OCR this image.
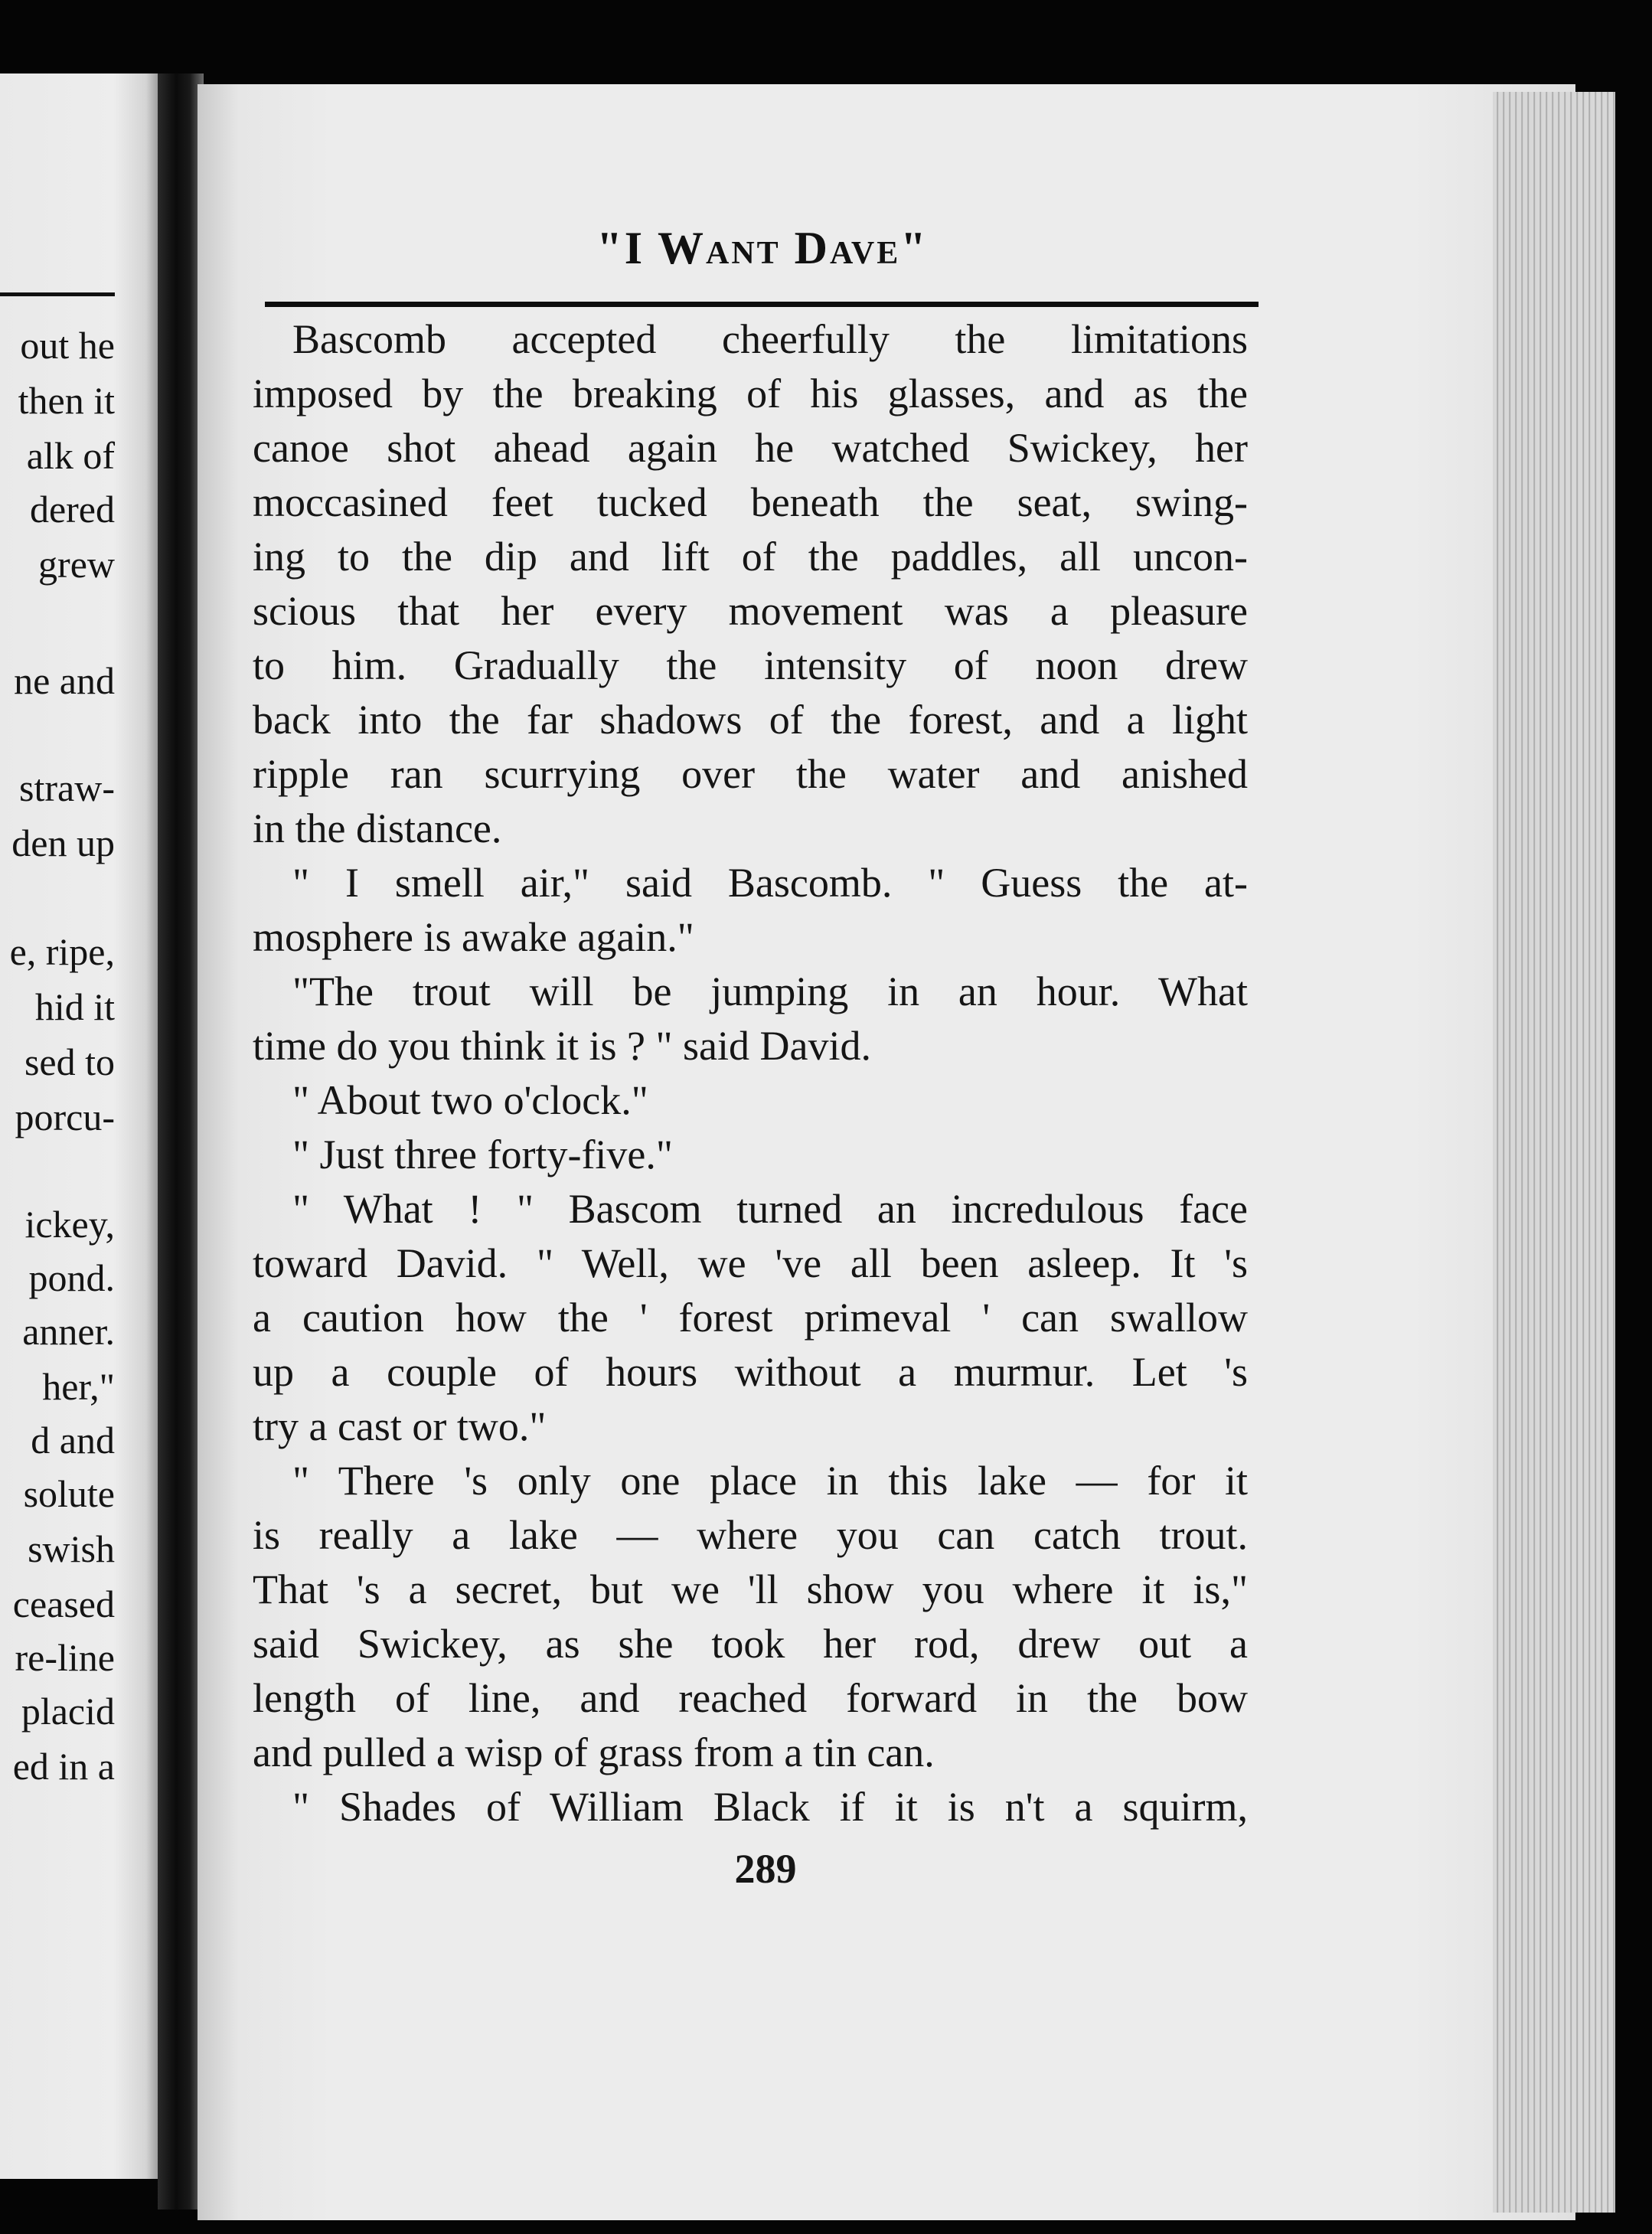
out he
then it
alk of
dered
grew
ne and
straw-
den up
e, ripe,
hid it
sed to
porcu-
ickey,
pond.
anner.
her,"
d and
solute
swish
ceased
re-line
placid
ed in a
"I Want Dave"
Bascomb accepted cheerfully the limitations
imposed by the breaking of his glasses, and as the
canoe shot ahead again he watched Swickey, her
moccasined feet tucked beneath the seat, swing-
ing to the dip and lift of the paddles, all uncon-
scious that her every movement was a pleasure
to him. Gradually the intensity of noon drew
back into the far shadows of the forest, and a light
ripple ran scurrying over the water and anished
in the distance.
" I smell air," said Bascomb. " Guess the at-
mosphere is awake again."
"The trout will be jumping in an hour. What
time do you think it is ? " said David.
" About two o'clock."
" Just three forty-five."
" What ! " Bascom turned an incredulous face
toward David. " Well, we 've all been asleep. It 's
a caution how the ' forest primeval ' can swallow
up a couple of hours without a murmur. Let 's
try a cast or two."
" There 's only one place in this lake — for it
is really a lake — where you can catch trout.
That 's a secret, but we 'll show you where it is,"
said Swickey, as she took her rod, drew out a
length of line, and reached forward in the bow
and pulled a wisp of grass from a tin can.
" Shades of William Black if it is n't a squirm,
289
